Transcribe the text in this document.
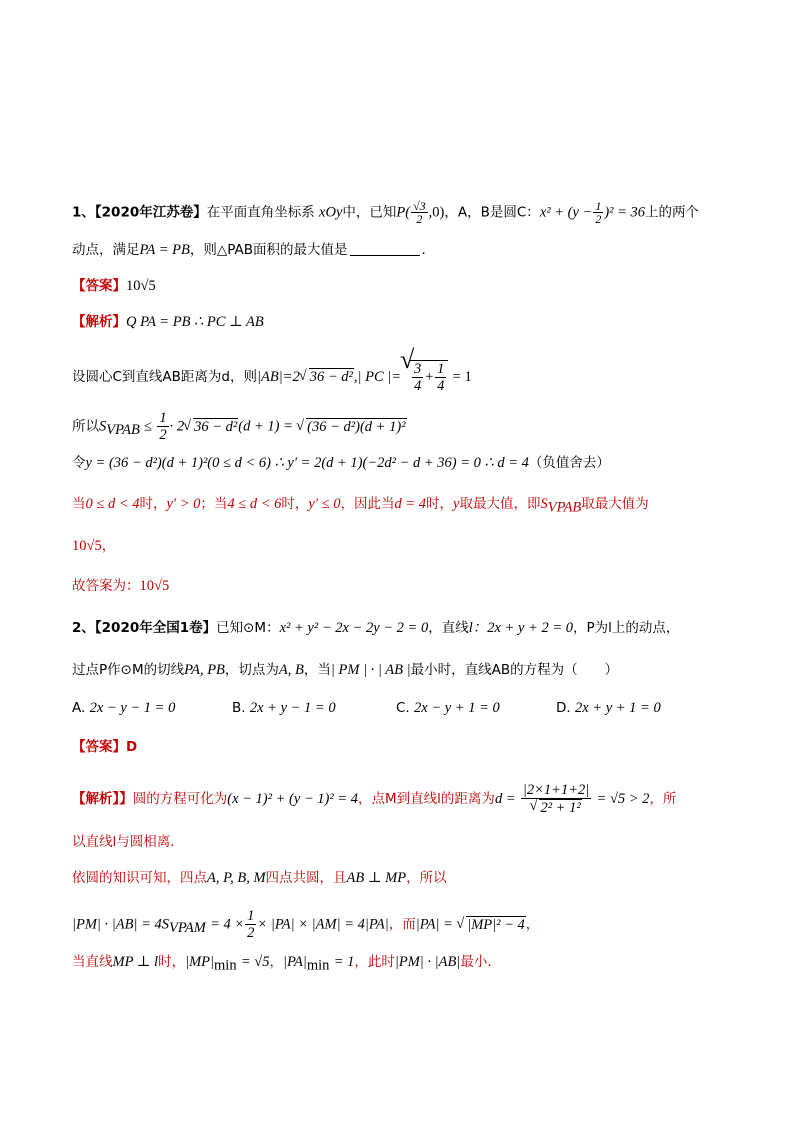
1、【2020年江苏卷】在平面直角坐标系 xOy中，已知$P( \frac{√3}{2} ,0)$，A，B是圆C：$x^2 + (y - \frac{1}{2} )^2 = 36$上的两个
动点，满足PA = PB，则△PAB面积的最大值是	.
【答案】10√5
【解析】Q PA = PB ∴ PC ⊥ AB
设圆心C到直线AB距离为d，则|AB|=2√ 36 − d²,| PC |=
√ $\frac{3}{4} + \frac{1}{4} = 1$
所以$S_{VPAB} \le \frac{1}{2} \cdot 2√$ 36 − d²(d + 1) = √ (36 − d²)(d + 1)²
令y = (36 − d²)(d + 1)²(0 ≤ d < 6) ∴ y′ = 2(d + 1)(−2d² − d + 36) = 0 ∴ d = 4（负值舍去）
当0 ≤ d < 4时，y′ > 0；当4 ≤ d < 6时，y′ ≤ 0，因此当d = 4时，y取最大值，即$S_{VPAB}$取最大值为
10√5，
故答案为：10√5
2、【2020年全国1卷】已知⊙M：x² + y² − 2x − 2y − 2 = 0，直线l：2x + y + 2 = 0，P为l上的动点，
过点P作⊙M的切线PA, PB，切点为A, B，当| PM | · | AB |最小时，直线AB的方程为（　　）
A. 2x − y − 1 = 0	B. 2x + y − 1 = 0	C. 2x − y + 1 = 0	D. 2x + y + 1 = 0
【答案】D
【解析】】圆的方程可化为(x − 1)² + (y − 1)² = 4，点M到直线l的距离为d = |2×1+1+2|
√ 2² + 1² = √5 > 2，所
以直线l与圆相离．
依圆的知识可知，四点A, P, B, M四点共圆，且AB ⊥ MP，所以
$|PM| \cdot |AB| = 4S_{VPAM} = 4 \times \frac{1}{2} \times |PA| \times |AM| = 4|PA|$，而|PA| = √ |MP|² − 4，
当直线MP ⊥ l时，$|MP|_{min} = √5$，$|PA|_{min} = 1$，此时|PM| · |AB|最小.
